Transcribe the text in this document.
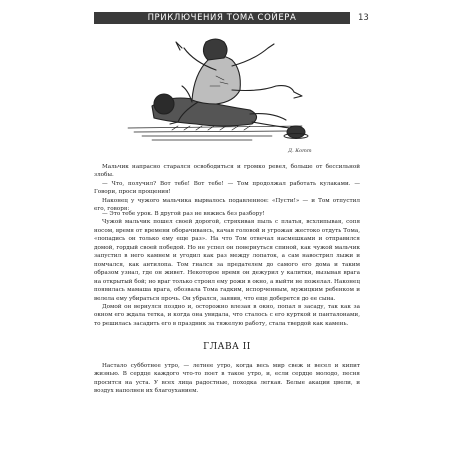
ПРИКЛЮЧЕНИЯ ТОМА СОЙЕРА	13
Д. Котт

Мальчик напрасно старался освободиться и громко ревел, больше от бессильной злобы.

— Что, получил? Вот тебе! Вот тебе! — Том продолжал работать кулаками. — Говори, проси прощения!

Наконец у чужого мальчика вырвалось подавленное: «Пусти!» — и Том отпустил его, говоря:

— Это тебе урок. В другой раз не вяжись без разбору!

Чужой мальчик пошел своей дорогой, стряхивая пыль с платья, всхлипывая, сопя носом, время от времени оборачиваясь, качая головой и угрожая жестоко отдуть Тома, «попадись он только ему еще раз». На что Том отвечал насмешками и отправился домой, гордый своей победой. Но не успел он повернуться спиной, как чужой мальчик запустил в него камнем и угодил как раз между лопаток, а сам навострил лыжи и помчался, как антилопа. Том гнался за предателем до самого его дома и таким образом узнал, где он живет. Некоторое время он дежурил у калитки, вызывая врага на открытый бой; но враг только строил ему рожи в окно, а выйти не пожелал. Наконец появилась мамаша врага, обозвала Тома гадким, испорченным, мужицким ребенком и велела ему убираться прочь. Он убрался, заявив, что еще доберется до ее сына.

Домой он вернулся поздно и, осторожно влезая в окно, попал в засаду, так как за окном его ждала тетка, и когда она увидала, что сталось с его курткой и панталонами, то решилась засадить его в праздник за тяжелую работу, стала твердой как камень.

ГЛАВА II

Настало субботнее утро, — летнее утро, когда весь мир свеж и весел и кипит жизнью. В сердце каждого что-то поет в такое утро, и, если сердце молодо, песня просится на уста. У всех лица радостные, походка легкая. Белые акации цвели, и воздух наполнен их благоуханием.
